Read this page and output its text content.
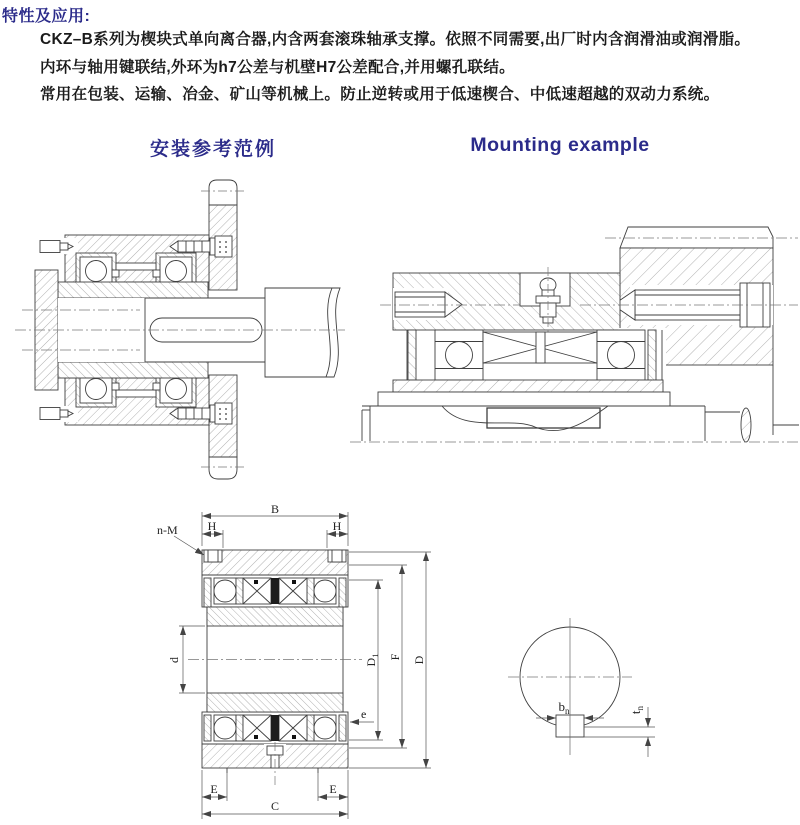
特性及应用:
CKZ–B系列为楔块式单向离合器,内含两套滚珠轴承支撑。依照不同需要,出厂时内含润滑油或润滑脂。
内环与轴用键联结,外环为h7公差与机壁H7公差配合,并用螺孔联结。
常用在包装、运输、冶金、矿山等机械上。防止逆转或用于低速楔合、中低速超越的双动力系统。
安装参考范例	Mounting example
B
H	H
n-M
d	$D_1$ F D
e
E	E
C
$b_n$	$t_n$
